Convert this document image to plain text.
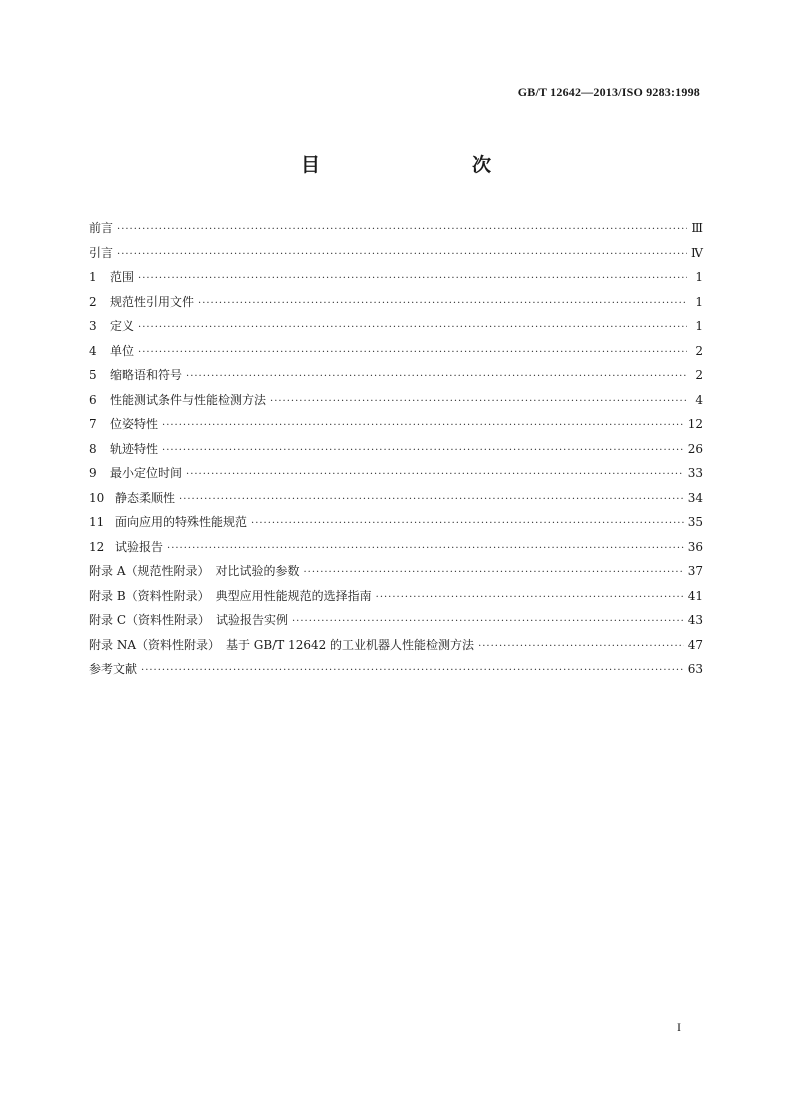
GB/T 12642—2013/ISO 9283:1998
目　　次
前言 ·····	Ⅲ
引言 ·····	Ⅳ
1 范围 ·····	1
2 规范性引用文件 ·····	1
3 定义 ·····	1
4 单位 ·····	2
5 缩略语和符号 ·····	2
6 性能测试条件与性能检测方法 ·····	4
7 位姿特性 ·····	12
8 轨迹特性 ·····	26
9 最小定位时间 ·····	33
10 静态柔顺性 ·····	34
11 面向应用的特殊性能规范 ·····	35
12 试验报告 ·····	36
附录 A（规范性附录）　对比试验的参数 ·····	37
附录 B（资料性附录）　典型应用性能规范的选择指南 ·····	41
附录 C（资料性附录）　试验报告实例 ·····	43
附录 NA（资料性附录）　基于 GB/T 12642 的工业机器人性能检测方法 ·····	47
参考文献 ·····	63
I
